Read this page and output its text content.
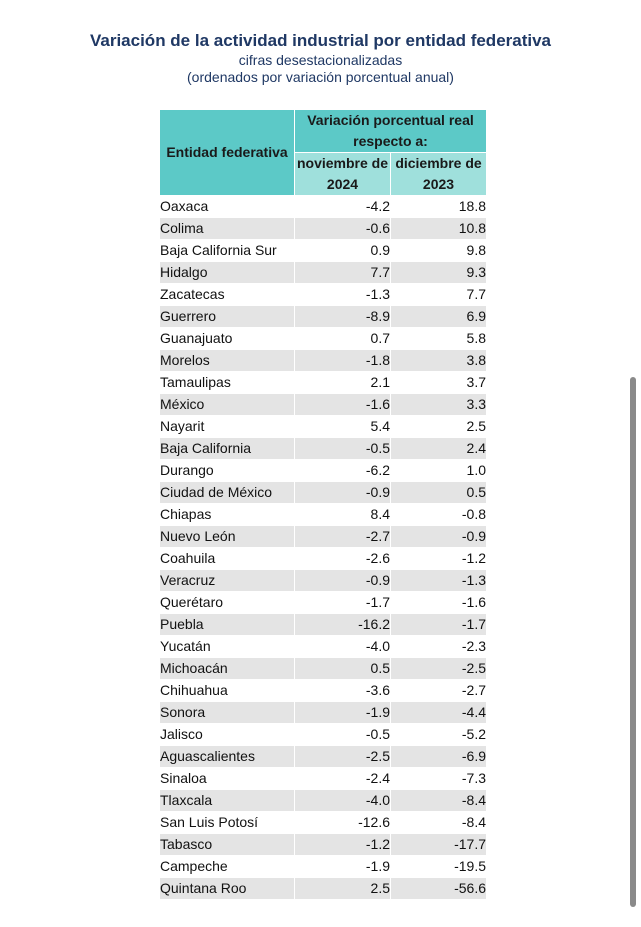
Variación de la actividad industrial por entidad federativa
cifras desestacionalizadas
(ordenados por variación porcentual anual)
Entidad federativa	Variación porcentual real respecto a:	
	noviembre de 2024	diciembre de 2023
Oaxaca	-4.2	18.8
Colima	-0.6	10.8
Baja California Sur	0.9	9.8
Hidalgo	7.7	9.3
Zacatecas	-1.3	7.7
Guerrero	-8.9	6.9
Guanajuato	0.7	5.8
Morelos	-1.8	3.8
Tamaulipas	2.1	3.7
México	-1.6	3.3
Nayarit	5.4	2.5
Baja California	-0.5	2.4
Durango	-6.2	1.0
Ciudad de México	-0.9	0.5
Chiapas	8.4	-0.8
Nuevo León	-2.7	-0.9
Coahuila	-2.6	-1.2
Veracruz	-0.9	-1.3
Querétaro	-1.7	-1.6
Puebla	-16.2	-1.7
Yucatán	-4.0	-2.3
Michoacán	0.5	-2.5
Chihuahua	-3.6	-2.7
Sonora	-1.9	-4.4
Jalisco	-0.5	-5.2
Aguascalientes	-2.5	-6.9
Sinaloa	-2.4	-7.3
Tlaxcala	-4.0	-8.4
San Luis Potosí	-12.6	-8.4
Tabasco	-1.2	-17.7
Campeche	-1.9	-19.5
Quintana Roo	2.5	-56.6
